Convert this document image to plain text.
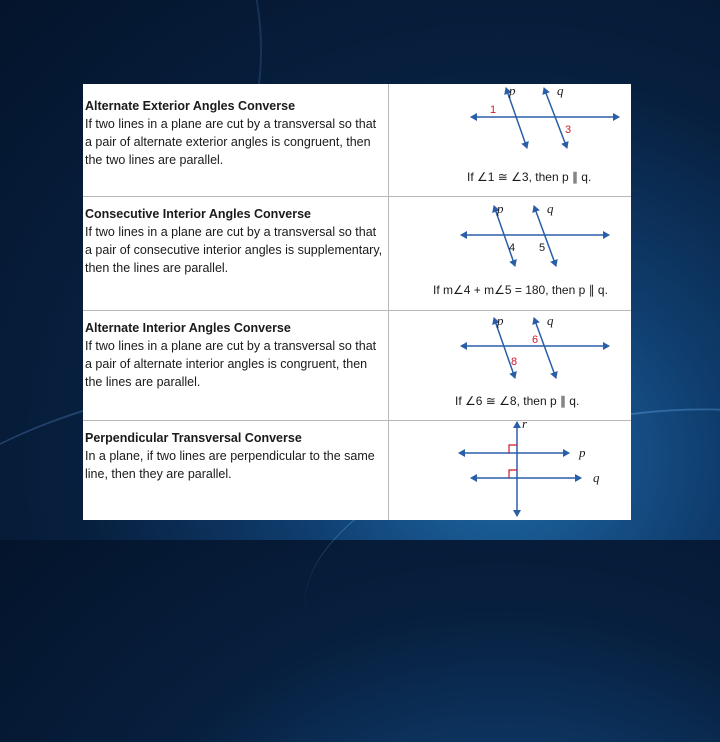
Alternate Exterior Angles Converse
If two lines in a plane are cut by a transversal so that a pair of alternate exterior angles is congruent, then the two lines are parallel.
p	q
1
3
If ∠1 ≅ ∠3, then p ∥ q.
Consecutive Interior Angles Converse
If two lines in a plane are cut by a transversal so that a pair of consecutive interior angles is supplementary, then the lines are parallel.
p	q
4 5
If m∠4 + m∠5 = 180, then p ∥ q.
Alternate Interior Angles Converse
If two lines in a plane are cut by a transversal so that a pair of alternate interior angles is congruent, then the lines are parallel.
p	q
6
8
If ∠6 ≅ ∠8, then p ∥ q.
Perpendicular Transversal Converse
In a plane, if two lines are perpendicular to the same line, then they are parallel.
r
p
q
